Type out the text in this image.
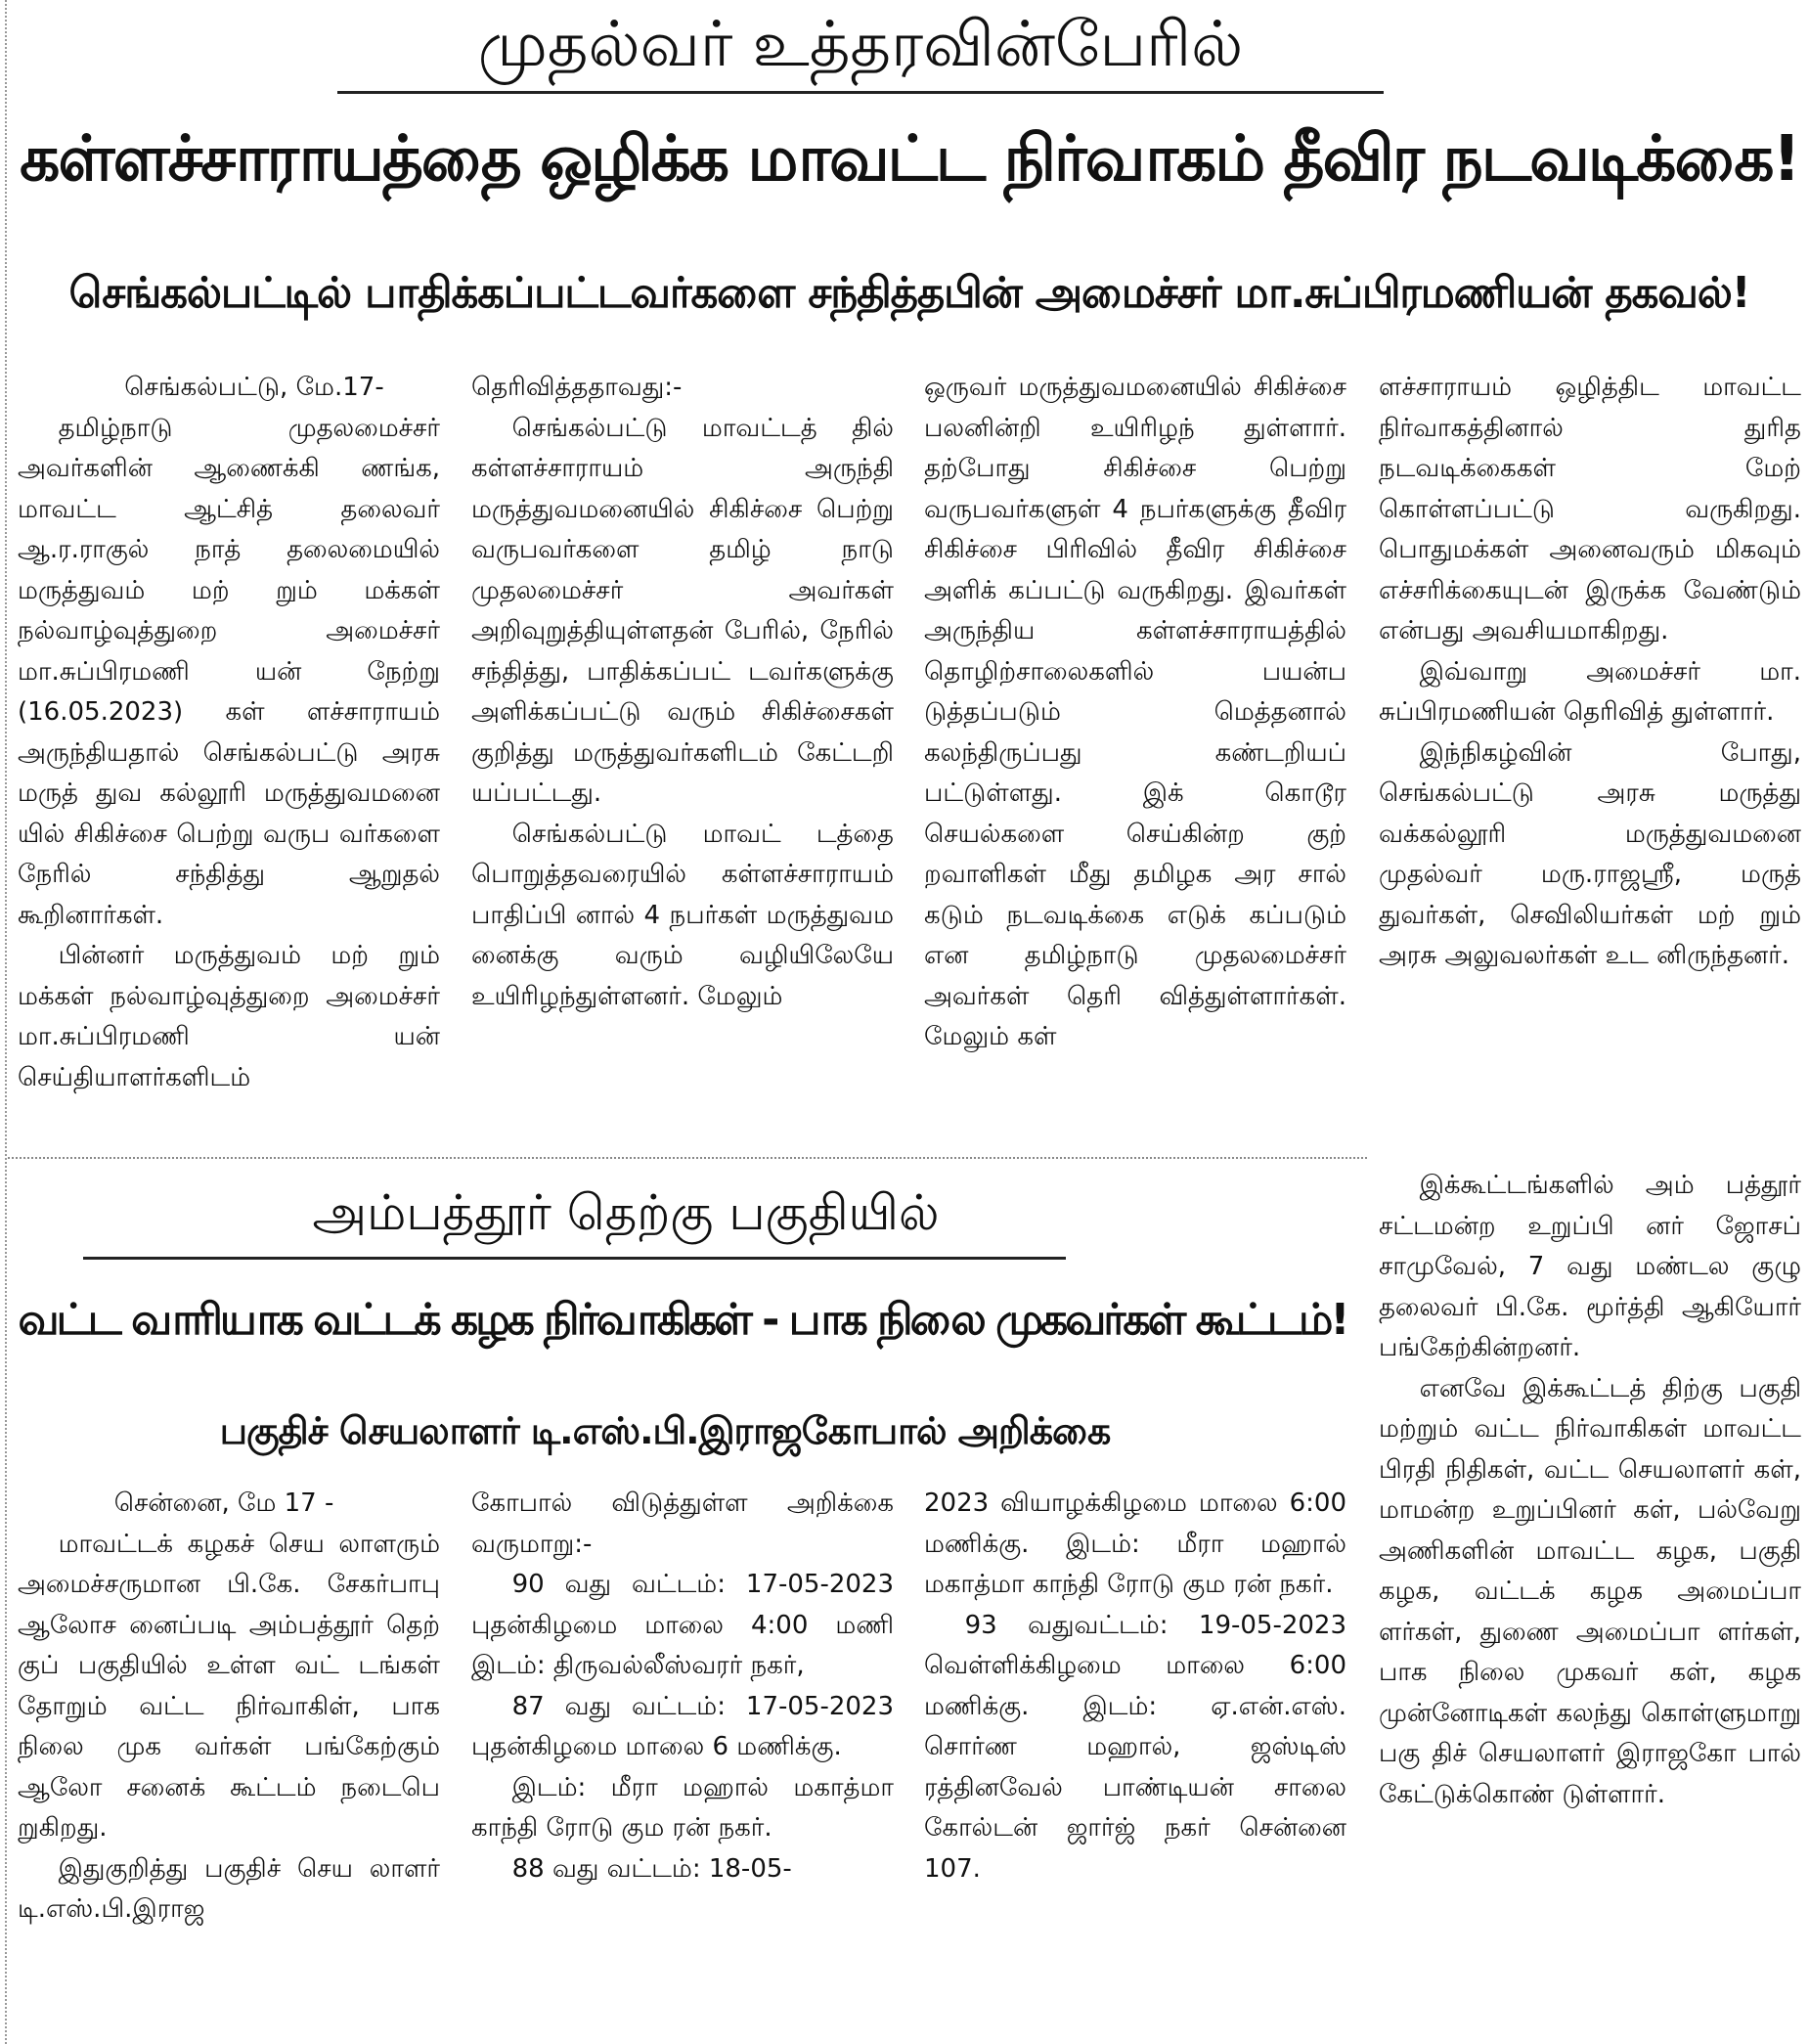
முதல்வர் உத்தரவின்பேரில்
கள்ளச்சாராயத்தை ஒழிக்க மாவட்ட நிர்வாகம் தீவிர நடவடிக்கை!
செங்கல்பட்டில் பாதிக்கப்பட்டவர்களை சந்தித்தபின் அமைச்சர் மா.சுப்பிரமணியன் தகவல்!

செங்கல்பட்டு, மே.17-

தமிழ்நாடு முதலமைச்சர் அவர்களின் ஆணைக்கி ணங்க, மாவட்ட ஆட்சித் தலைவர் ஆ.ர.ராகுல் நாத் தலைமையில் மருத்துவம் மற் றும் மக்கள் நல்வாழ்வுத்துறை அமைச்சர் மா.சுப்பிரமணி யன் நேற்று (16.05.2023) கள் ளச்சாராயம் அருந்தியதால் செங்கல்பட்டு அரசு மருத் துவ கல்லூரி மருத்துவமனை யில் சிகிச்சை பெற்று வருப வர்களை நேரில் சந்தித்து ஆறுதல் கூறினார்கள்.

பின்னர் மருத்துவம் மற் றும் மக்கள் நல்வாழ்வுத்துறை அமைச்சர் மா.சுப்பிரமணி யன் செய்தியாளர்களிடம்

தெரிவித்ததாவது:-

செங்கல்பட்டு மாவட்டத் தில் கள்ளச்சாராயம் அருந்தி மருத்துவமனையில் சிகிச்சை பெற்று வருபவர்களை தமிழ் நாடு முதலமைச்சர் அவர்கள் அறிவுறுத்தியுள்ளதன் பேரில், நேரில் சந்தித்து, பாதிக்கப்பட் டவர்களுக்கு அளிக்கப்பட்டு வரும் சிகிச்சைகள் குறித்து மருத்துவர்களிடம் கேட்டறி யப்பட்டது.

செங்கல்பட்டு மாவட் டத்தை பொறுத்தவரையில் கள்ளச்சாராயம் பாதிப்பி னால் 4 நபர்கள் மருத்துவம னைக்கு வரும் வழியிலேயே உயிரிழந்துள்ளனர். மேலும்

ஒருவர் மருத்துவமனையில் சிகிச்சை பலனின்றி உயிரிழந் துள்ளார். தற்போது சிகிச்சை பெற்று வருபவர்களுள் 4 நபர்களுக்கு தீவிர சிகிச்சை பிரிவில் தீவிர சிகிச்சை அளிக் கப்பட்டு வருகிறது. இவர்கள் அருந்திய கள்ளச்சாராயத்தில் தொழிற்சாலைகளில் பயன்ப டுத்தப்படும் மெத்தனால் கலந்திருப்பது கண்டறியப் பட்டுள்ளது. இக் கொடூர செயல்களை செய்கின்ற குற் றவாளிகள் மீது தமிழக அர சால் கடும் நடவடிக்கை எடுக் கப்படும் என தமிழ்நாடு முதலமைச்சர் அவர்கள் தெரி வித்துள்ளார்கள். மேலும் கள்

ளச்சாராயம் ஒழித்திட மாவட்ட நிர்வாகத்தினால் துரித நடவடிக்கைகள் மேற் கொள்ளப்பட்டு வருகிறது. பொதுமக்கள் அனைவரும் மிகவும் எச்சரிக்கையுடன் இருக்க வேண்டும் என்பது அவசியமாகிறது.

இவ்வாறு அமைச்சர் மா. சுப்பிரமணியன் தெரிவித் துள்ளார்.

இந்நிகழ்வின் போது, செங்கல்பட்டு அரசு மருத்து வக்கல்லூரி மருத்துவமனை முதல்வர் மரு.ராஜஸ்ரீ, மருத் துவர்கள், செவிலியர்கள் மற் றும் அரசு அலுவலர்கள் உட னிருந்தனர்.

அம்பத்தூர் தெற்கு பகுதியில்
வட்ட வாரியாக வட்டக் கழக நிர்வாகிகள் - பாக நிலை முகவர்கள் கூட்டம்!
பகுதிச் செயலாளர் டி.எஸ்.பி.இராஜகோபால் அறிக்கை

சென்னை, மே 17 -

மாவட்டக் கழகச் செய லாளரும் அமைச்சருமான பி.கே. சேகர்பாபு ஆலோச னைப்படி அம்பத்தூர் தெற் குப் பகுதியில் உள்ள வட் டங்கள் தோறும் வட்ட நிர்வாகிள், பாக நிலை முக வர்கள் பங்கேற்கும் ஆலோ சனைக் கூட்டம் நடைபெ றுகிறது.

இதுகுறித்து பகுதிச் செய லாளர் டி.எஸ்.பி.இராஜ

கோபால் விடுத்துள்ள அறிக்கை வருமாறு:-

90 வது வட்டம்: 17-05-2023 புதன்கிழமை மாலை 4:00 மணி இடம்: திருவல்லீஸ்வரர் நகர்,

87 வது வட்டம்: 17-05-2023 புதன்கிழமை மாலை 6 மணிக்கு.

இடம்: மீரா மஹால் மகாத்மா காந்தி ரோடு கும ரன் நகர்.

88 வது வட்டம்: 18-05-

2023 வியாழக்கிழமை மாலை 6:00 மணிக்கு. இடம்: மீரா மஹால் மகாத்மா காந்தி ரோடு கும ரன் நகர்.

93 வதுவட்டம்: 19-05-2023 வெள்ளிக்கிழமை மாலை 6:00 மணிக்கு. இடம்: ஏ.என்.எஸ். சொர்ண மஹால், ஜஸ்டிஸ் ரத்தினவேல் பாண்டியன் சாலை கோல்டன் ஜார்ஜ் நகர் சென்னை 107.

இக்கூட்டங்களில் அம் பத்தூர் சட்டமன்ற உறுப்பி னர் ஜோசப் சாமுவேல், 7 வது மண்டல குழு தலைவர் பி.கே. மூர்த்தி ஆகியோர் பங்கேற்கின்றனர்.

எனவே இக்கூட்டத் திற்கு பகுதி மற்றும் வட்ட நிர்வாகிகள் மாவட்ட பிரதி நிதிகள், வட்ட செயலாளர் கள், மாமன்ற உறுப்பினர் கள், பல்வேறு அணிகளின் மாவட்ட கழக, பகுதி கழக, வட்டக் கழக அமைப்பா ளர்கள், துணை அமைப்பா ளர்கள், பாக நிலை முகவர் கள், கழக முன்னோடிகள் கலந்து கொள்ளுமாறு பகு திச் செயலாளர் இராஜகோ பால் கேட்டுக்கொண் டுள்ளார்.
